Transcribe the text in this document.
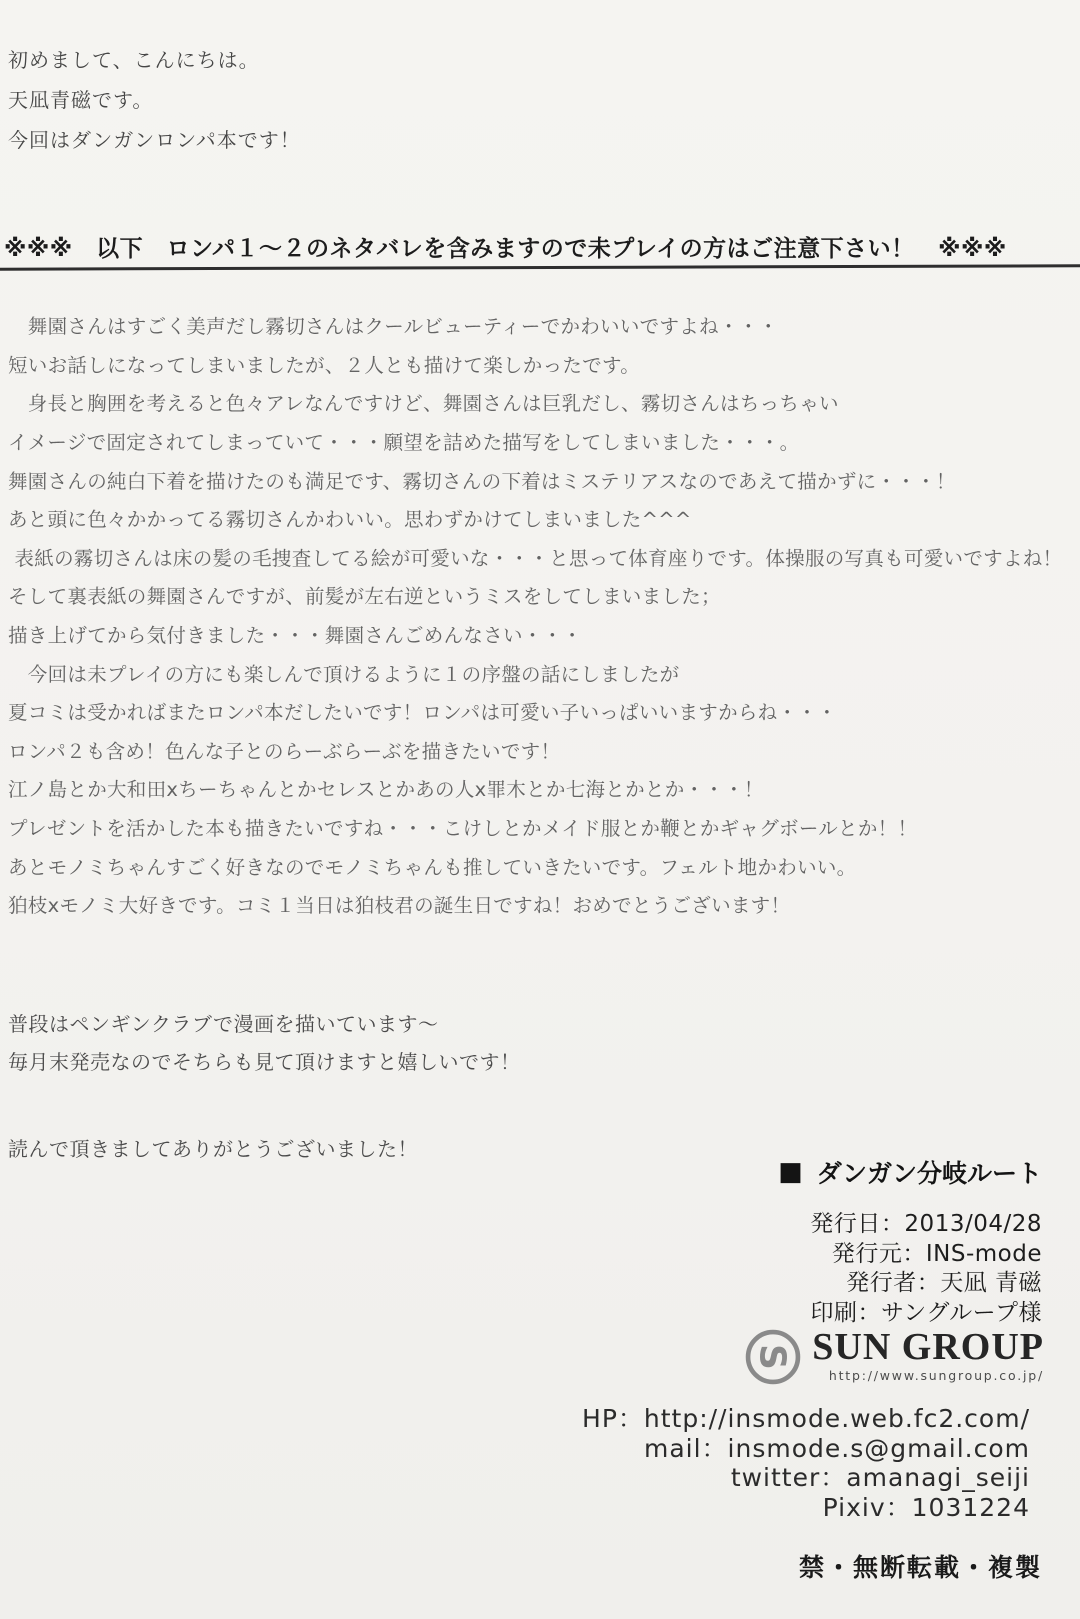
初めまして、こんにちは。
天凪青磁です。
今回はダンガンロンパ本です！
※※※　以下　ロンパ１～２のネタバレを含みますので未プレイの方はご注意下さい！　※※※
　舞園さんはすごく美声だし霧切さんはクールビューティーでかわいいですよね・・・
短いお話しになってしまいましたが、２人とも描けて楽しかったです。
　身長と胸囲を考えると色々アレなんですけど、舞園さんは巨乳だし、霧切さんはちっちゃい
イメージで固定されてしまっていて・・・願望を詰めた描写をしてしまいました・・・。
舞園さんの純白下着を描けたのも満足です、霧切さんの下着はミステリアスなのであえて描かずに・・・！
あと頭に色々かかってる霧切さんかわいい。思わずかけてしまいました^^^
表紙の霧切さんは床の髪の毛捜査してる絵が可愛いな・・・と思って体育座りです。体操服の写真も可愛いですよね！
そして裏表紙の舞園さんですが、前髪が左右逆というミスをしてしまいました；
描き上げてから気付きました・・・舞園さんごめんなさい・・・
　今回は未プレイの方にも楽しんで頂けるように１の序盤の話にしましたが
夏コミは受かればまたロンパ本だしたいです！ロンパは可愛い子いっぱいいますからね・・・
ロンパ２も含め！色んな子とのらーぶらーぶを描きたいです！
江ノ島とか大和田xちーちゃんとかセレスとかあの人x罪木とか七海とかとか・・・！
プレゼントを活かした本も描きたいですね・・・こけしとかメイド服とか鞭とかギャグボールとか！！
あとモノミちゃんすごく好きなのでモノミちゃんも推していきたいです。フェルト地かわいい。
狛枝xモノミ大好きです。コミ１当日は狛枝君の誕生日ですね！おめでとうございます！
普段はペンギンクラブで漫画を描いています～
毎月末発売なのでそちらも見て頂けますと嬉しいです！
読んで頂きましてありがとうございました！
■ ダンガン分岐ルート
発行日：2013/04/28
発行元：INS-mode
発行者：天凪 青磁
印刷：サングループ様
S SUN GROUP
http://www.sungroup.co.jp/
HP：http://insmode.web.fc2.com/
mail：insmode.s@gmail.com
twitter：amanagi_seiji
Pixiv：1031224
禁・無断転載・複製
